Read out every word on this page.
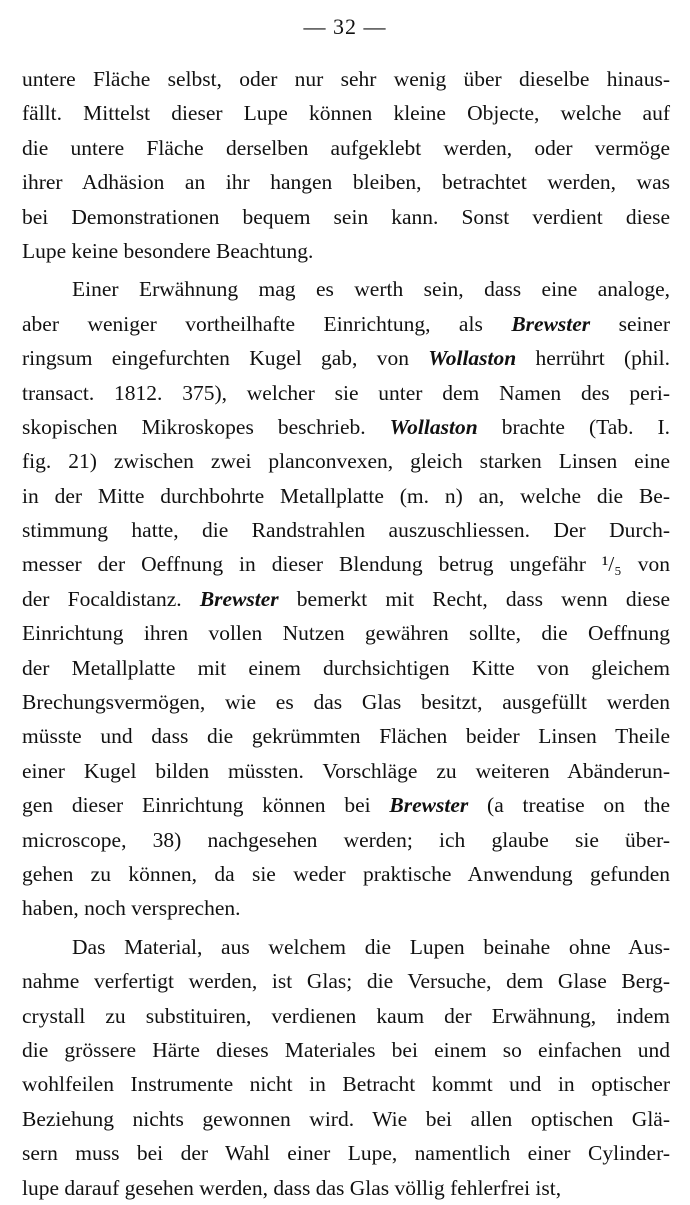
— 32 —
untere Fläche selbst, oder nur sehr wenig über dieselbe hinaus-
fällt. Mittelst dieser Lupe können kleine Objecte, welche auf
die untere Fläche derselben aufgeklebt werden, oder vermöge
ihrer Adhäsion an ihr hangen bleiben, betrachtet werden, was
bei Demonstrationen bequem sein kann. Sonst verdient diese
Lupe keine besondere Beachtung.
Einer Erwähnung mag es werth sein, dass eine analoge,
aber weniger vortheilhafte Einrichtung, als Brewster seiner
ringsum eingefurchten Kugel gab, von Wollaston herrührt (phil.
transact. 1812. 375), welcher sie unter dem Namen des peri-
skopischen Mikroskopes beschrieb. Wollaston brachte (Tab. I.
fig. 21) zwischen zwei planconvexen, gleich starken Linsen eine
in der Mitte durchbohrte Metallplatte (m. n) an, welche die Be-
stimmung hatte, die Randstrahlen auszuschliessen. Der Durch-
messer der Oeffnung in dieser Blendung betrug ungefähr ¹/₅ von
der Focaldistanz. Brewster bemerkt mit Recht, dass wenn diese
Einrichtung ihren vollen Nutzen gewähren sollte, die Oeffnung
der Metallplatte mit einem durchsichtigen Kitte von gleichem
Brechungsvermögen, wie es das Glas besitzt, ausgefüllt werden
müsste und dass die gekrümmten Flächen beider Linsen Theile
einer Kugel bilden müssten. Vorschläge zu weiteren Abänderun-
gen dieser Einrichtung können bei Brewster (a treatise on the
microscope, 38) nachgesehen werden; ich glaube sie über-
gehen zu können, da sie weder praktische Anwendung gefunden
haben, noch versprechen.
Das Material, aus welchem die Lupen beinahe ohne Aus-
nahme verfertigt werden, ist Glas; die Versuche, dem Glase Berg-
crystall zu substituiren, verdienen kaum der Erwähnung, indem
die grössere Härte dieses Materiales bei einem so einfachen und
wohlfeilen Instrumente nicht in Betracht kommt und in optischer
Beziehung nichts gewonnen wird. Wie bei allen optischen Glä-
sern muss bei der Wahl einer Lupe, namentlich einer Cylinder-
lupe darauf gesehen werden, dass das Glas völlig fehlerfrei ist,
